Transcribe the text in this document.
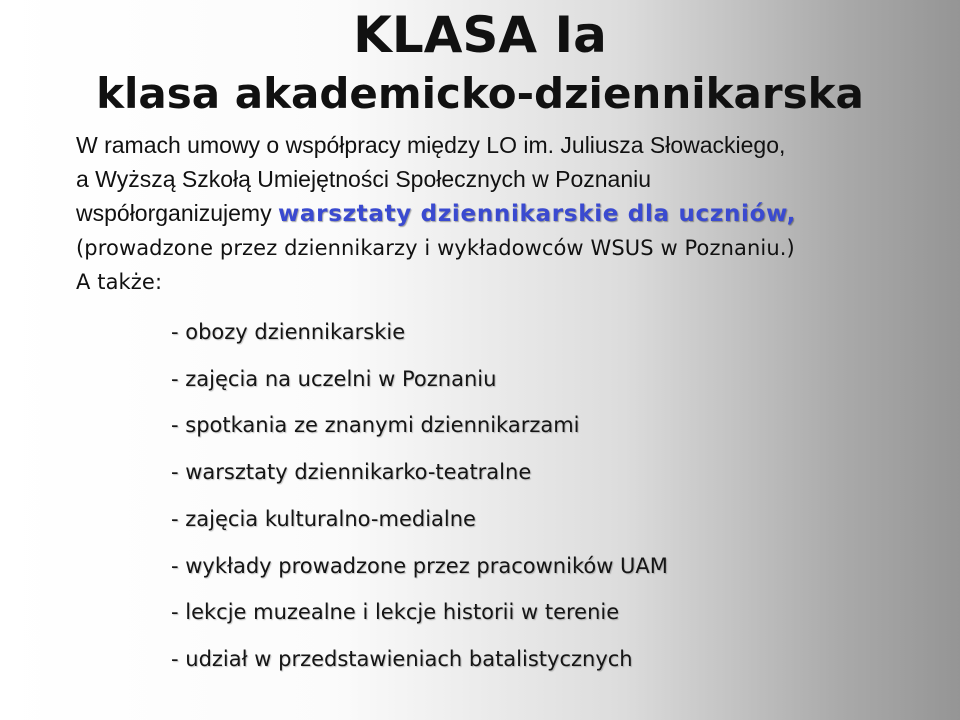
KLASA Ia
klasa akademicko-dziennikarska
W ramach umowy o współpracy między LO im. Juliusza Słowackiego,
a Wyższą Szkołą Umiejętności Społecznych w Poznaniu
współorganizujemy warsztaty dziennikarskie dla uczniów,
(prowadzone przez dziennikarzy i wykładowców WSUS w Poznaniu.)
A także:
- obozy dziennikarskie
- zajęcia na uczelni w Poznaniu
- spotkania ze znanymi dziennikarzami
- warsztaty dziennikarko-teatralne
- zajęcia kulturalno-medialne
- wykłady prowadzone przez pracowników UAM
- lekcje muzealne i lekcje historii w terenie
- udział w przedstawieniach batalistycznych
